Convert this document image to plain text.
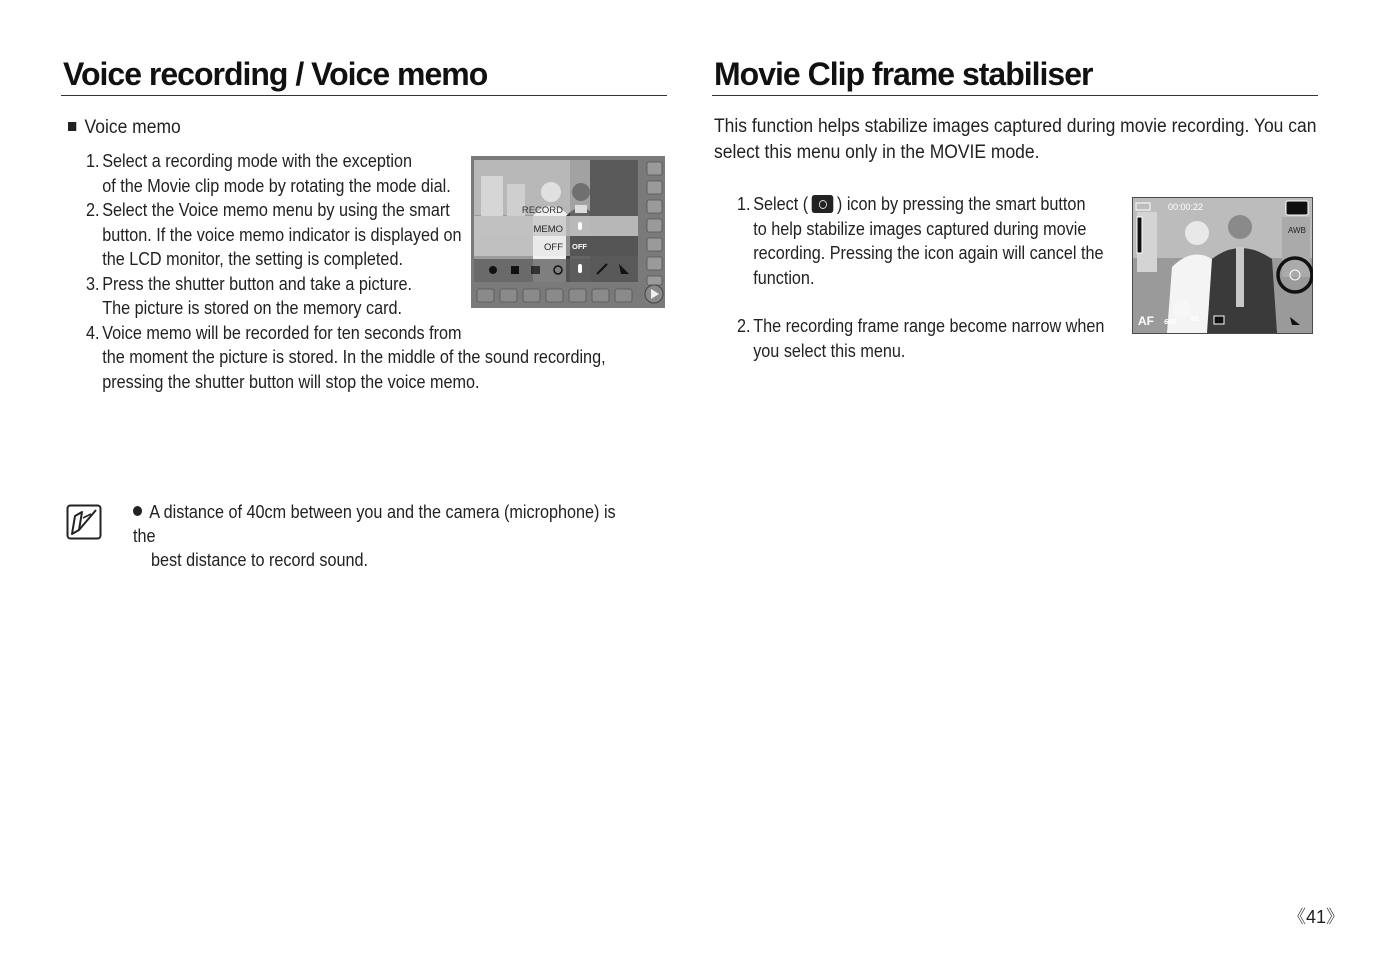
Voice recording / Voice memo
Voice memo
1. Select a recording mode with the exception
of the Movie clip mode by rotating the mode dial.
2. Select the Voice memo menu by using the smart
button. If the voice memo indicator is displayed on
the LCD monitor, the setting is completed.
3. Press the shutter button and take a picture.
The picture is stored on the memory card.
4. Voice memo will be recorded for ten seconds from
the moment the picture is stored. In the middle of the sound recording,
pressing the shutter button will stop the voice memo.
RECORD
MEMO
OFF OFF
A distance of 40cm between you and the camera (microphone) is the
best distance to record sound.
Movie Clip frame stabiliser
This function helps stabilize images captured during movie recording. You can
select this menu only in the MOVIE mode.
1. Select ( ) icon by pressing the smart button
to help stabilize images captured during movie
recording. Pressing the icon again will cancel the
function.
2. The recording frame range become narrow when
you select this menu.
00:00:22
AWB
AF 640 30
《41》
